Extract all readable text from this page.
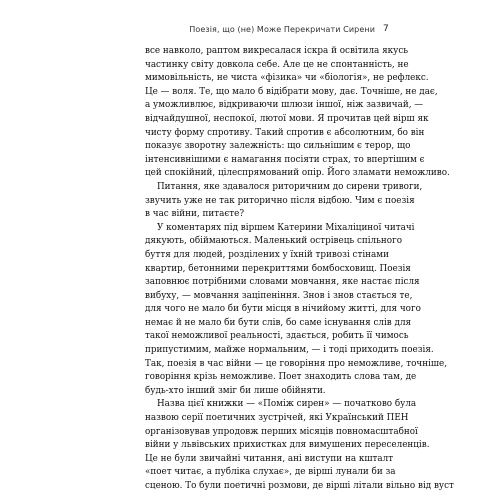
Поезія, що (не) Може Перекричати Сирени 7

все навколо, раптом викресалася іскра й освітила якусь
частинку світу довкола себе. Але це не спонтанність, не
мимовільність, не чиста «фізика» чи «біологія», не рефлекс.
Це — воля. Те, що мало б відібрати мову, дає. Точніше, не дає,
а уможливлює, відкриваючи шлюзи іншої, ніж зазвичай, —
відчайдушної, неспокої, лютої мови. Я прочитав цей вірш як
чисту форму спротиву. Такий спротив є абсолютним, бо він
показує зворотну залежність: що сильнішим є терор, що
інтенсивнішими є намагання посіяти страх, то впертішим є
цей спокійний, цілеспрямований опір. Його зламати неможливо.

Питання, яке здавалося риторичним до сирени тривоги,
звучить уже не так риторично після відбою. Чим є поезія
в час війни, питаєте?

У коментарях під віршем Катерини Міхаліциної читачі
дякують, обіймаються. Маленький острівець спільного
буття для людей, розділених у їхній тривозі стінами
квартир, бетонними перекриттями бомбосховищ. Поезія
заповнює потрібними словами мовчання, яке настає після
вибуху, — мовчання заціпеніння. Знов і знов стається те,
для чого не мало би бути місця в нічийому житті, для чого
немає й не мало би бути слів, бо саме існування слів для
такої неможливої реальності, здається, робить її чимось
припустимим, майже нормальним, — і тоді приходить поезія.
Так, поезія в час війни — це говоріння про неможливе, точніше,
говоріння крізь неможливе. Поет знаходить слова там, де
будь-хто інший зміг би лише обійняти.

Назва цієї книжки — «Поміж сирен» — початково була
назвою серії поетичних зустрічей, які Український ПЕН
організовував упродовж перших місяців повномасштабної
війни у львівських прихистках для вимушених переселенців.
Це не були звичайні читання, ані виступи на кшталт
«поет читає, а публіка слухає», де вірші лунали би за
сценою. То були поетичні розмови, де вірші літали вільно від вуст
